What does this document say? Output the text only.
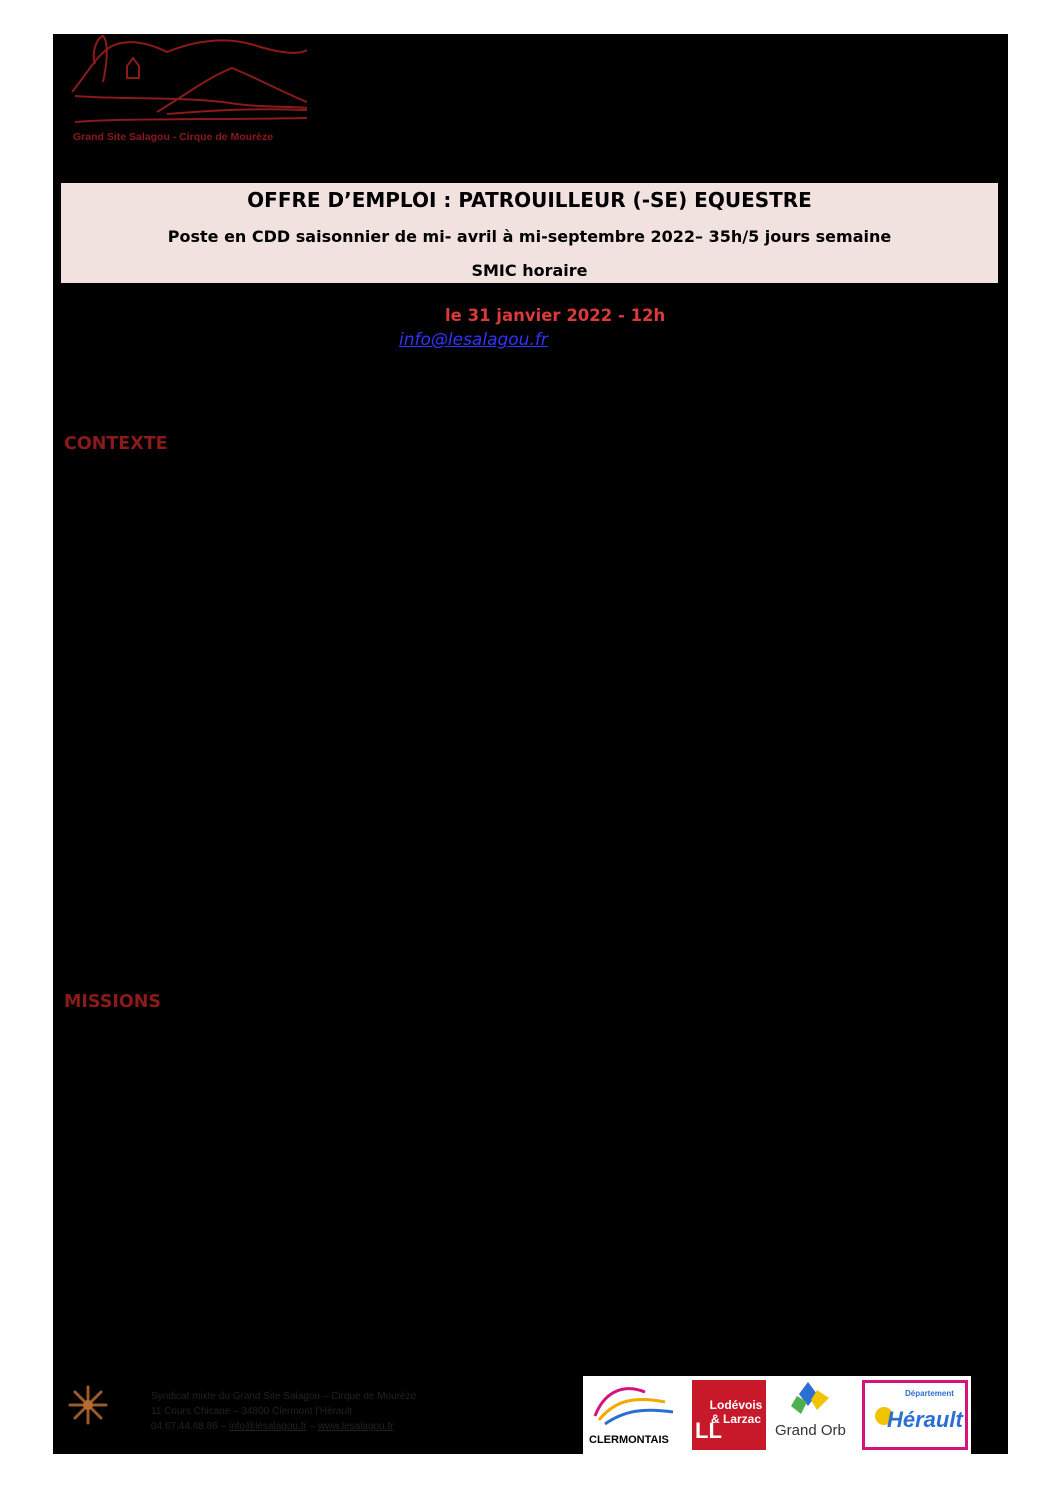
Grand Site Salagou - Cirque de Mourèze
OFFRE D’EMPLOI : PATROUILLEUR (-SE) EQUESTRE
Poste en CDD saisonnier de mi- avril à mi-septembre 2022– 35h/5 jours semaine
SMIC horaire
le 31 janvier 2022 - 12h
info@lesalagou.fr
CONTEXTE
MISSIONS
Syndicat mixte du Grand Site Salagou – Cirque de Mourèze
11 Cours Chicane – 34800 Clermont l’Hérault
04.67.44.68.86 – info@lesalagou.fr – www.lesalagou.fr
CLERMONTAIS LL
Lodévois & Larzac
Grand Orb
Département
Hérault
